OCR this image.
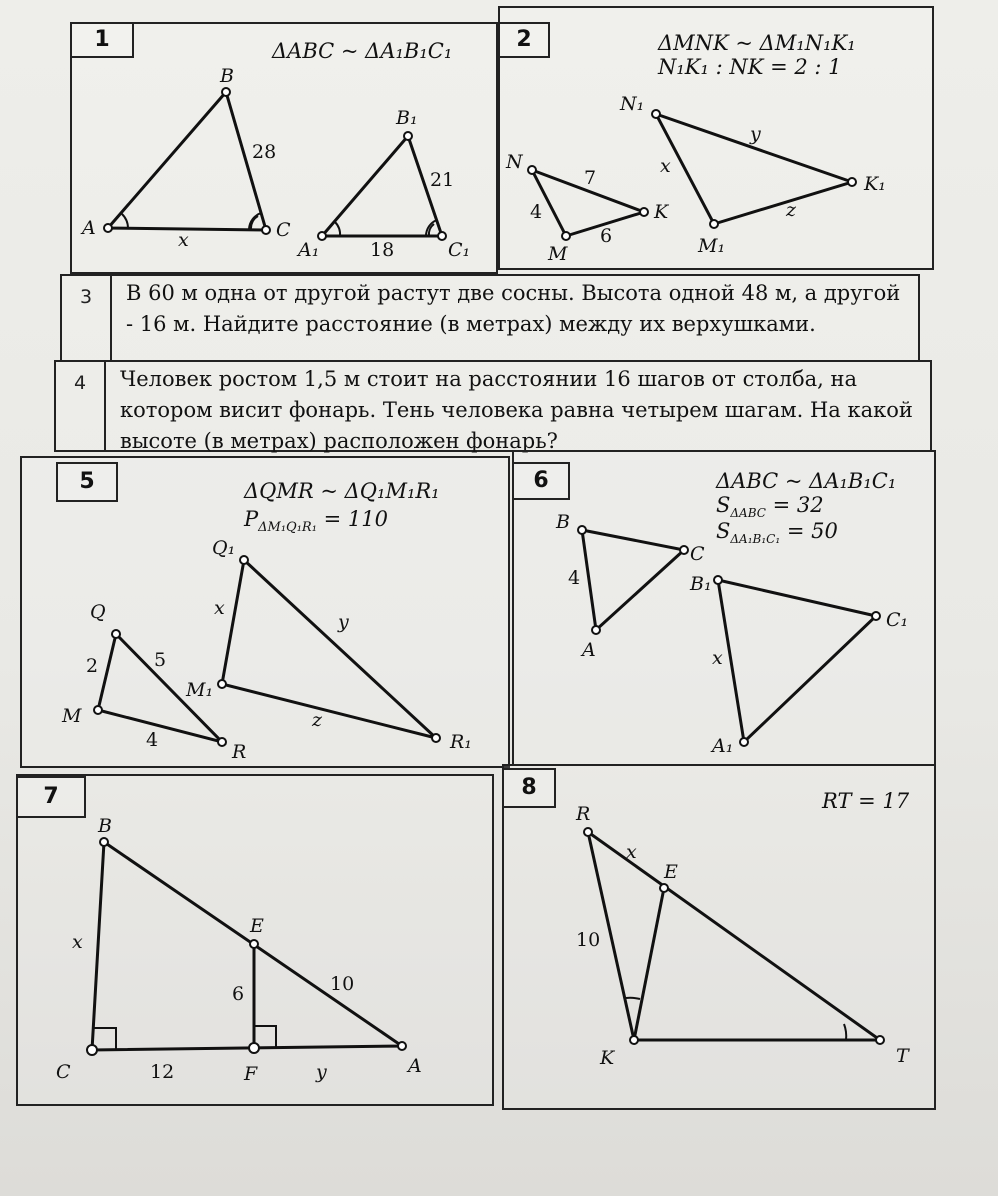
1	2
3	В 60 м одна от другой растут две сосны. Высота одной 48 м, а другой - 16 м. Найдите расстояние (в метрах) между их верхушками.
4	Человек ростом 1,5 м стоит на расстоянии 16 шагов от столба, на котором висит фонарь. Тень человека равна четырем шагам. На какой высоте (в метрах) расположен фонарь?
5	6
7	8
ΔABC ~ ΔA₁B₁C₁
B
A	C
28
x
B₁
A₁	C₁
21
18
ΔMNK ~ ΔM₁N₁K₁
N₁K₁ : NK = 2 : 1
N
K
M
7
4
6
N₁
K₁
M₁
x
y
z
ΔQMR ~ ΔQ₁M₁R₁
$P_{\Delta M_1Q_1R_1} = 110$
Q
M
R
2	5
4
Q₁
M₁
R₁
x
y
z
ΔABC ~ ΔA₁B₁C₁
$S_{\Delta ABC} = 32$
$S_{\Delta A_1B_1C_1} = 50$
B
C
A
4	B₁
C₁
A₁
x
B
E
C	F	A
x
6	10
12	y
RT = 17
R
E
K	T
x
10
